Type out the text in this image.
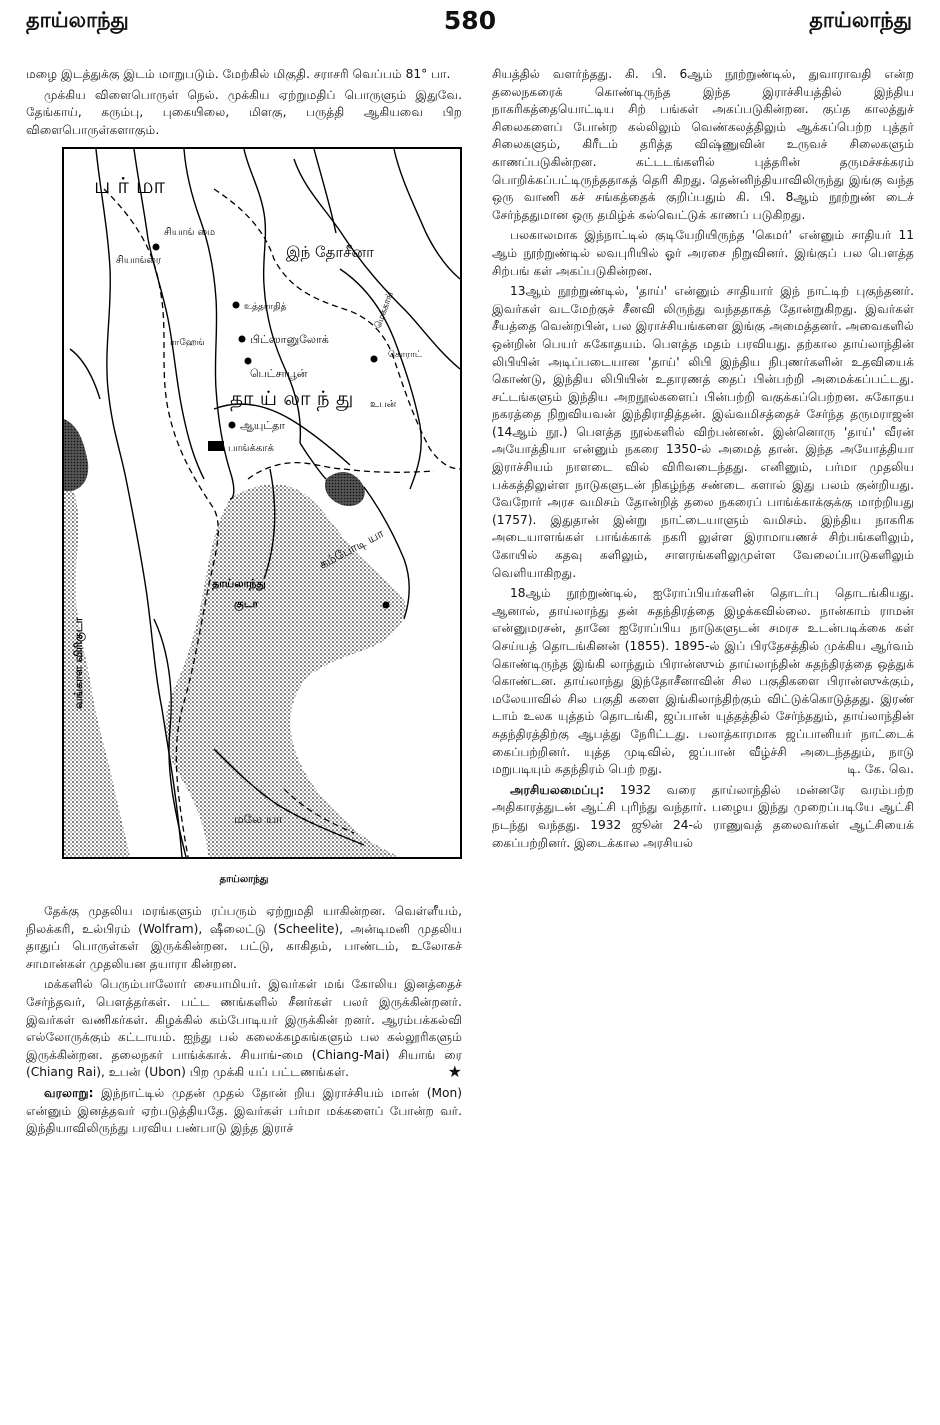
தாய்லாந்து	580	தாய்லாந்து

மழை இடத்துக்கு இடம் மாறுபடும். மேற்கில் மிகுதி. சராசரி வெப்பம் 81° பா.

முக்கிய விளைபொருள் நெல். முக்கிய ஏற்றுமதிப் பொருளும் இதுவே. தேங்காய், கரும்பு, புகையிலை, மிளகு, பருத்தி ஆகியவை பிற விளைபொருள்களாகும்.

ப ர் மா
இந் தோசீனா
சியாங் மை
சியாங்ரை
உத்தராதித்
ராஹேங்	பிட்ஸானுலோக்
பெட்சாபூன்
தா ய் லா ந் து
கொராட்
மெக்காங்
உபன்
ஆயுட்தா
பாங்க்காக்
கம்போடி யா
தாய்லாந்து
குடா
மலே யா
வங்காள விரிகுடா
தாய்லாந்து

தேக்கு முதலிய மரங்களும் ரப்பரும் ஏற்றுமதி யாகின்றன. வெள்ளீயம், நிலக்கரி, உல்பிரம் (Wolfram), ஷீலைட்டு (Scheelite), அன்டிமனி முதலிய தாதுப் பொருள்கள் இருக்கின்றன. பட்டு, காகிதம், பாண்டம், உலோகச் சாமான்கள் முதலியன தயாரா கின்றன.

மக்களில் பெரும்பாலோர் சையாமியர். இவர்கள் மங் கோலிய இனத்தைச் சேர்ந்தவர், பௌத்தர்கள். பட்ட ணங்களில் சீனர்கள் பலர் இருக்கின்றனர். இவர்கள் வணிகர்கள். கிழக்கில் கம்போடியர் இருக்கின் றனர். ஆரம்பக்கல்வி எல்லோருக்கும் கட்டாயம். ஐந்து பல் கலைக்கழகங்களும் பல கல்லூரிகளும் இருக்கின்றன. தலைநகர் பாங்க்காக். சியாங்-மை (Chiang-Mai) சியாங் ரை (Chiang Rai), உபன் (Ubon) பிற முக்கி யப் பட்டணங்கள்.	★

வரலாறு: இந்நாட்டில் முதன் முதல் தோன் றிய இராச்சியம் மான் (Mon) என்னும் இனத்தவர் ஏற்படுத்தியதே. இவர்கள் பர்மா மக்களைப் போன்ற வர். இந்தியாவிலிருந்து பரவிய பண்பாடு இந்த இராச்

சியத்தில் வளர்ந்தது. கி. பி. 6ஆம் நூற்றுண்டில், துவாராவதி என்ற தலைநகரைக் கொண்டிருந்த இந்த இராச்சியத்தில் இந்திய நாகரிகத்தையொட்டிய சிற் பங்கள் அகப்படுகின்றன. குப்த காலத்துச் சிலைகளைப் போன்ற கல்லிலும் வெண்கலத்திலும் ஆக்கப்பெற்ற புத்தர் சிலைகளும், கிரீடம் தரித்த விஷ்ணுவின் உருவச் சிலைகளும் காணப்படுகின்றன. கட்டடங்களில் புத்தரின் தருமச்சக்கரம் பொறிக்கப்பட்டிருந்ததாகத் தெரி கிறது. தென்னிந்தியாவிலிருந்து இங்கு வந்த ஒரு வாணி கச் சங்கத்தைக் குறிப்பதும் கி. பி. 8ஆம் நூற்றுண் டைச் சேர்ந்ததுமான ஒரு தமிழ்க் கல்வெட்டுக் காணப் படுகிறது.

பலகாலமாக இந்நாட்டில் குடியேறியிருந்த 'கெமர்' என்னும் சாதியர் 11 ஆம் நூற்றுண்டில் லவபுரியில் ஓர் அரசை நிறுவினர். இங்குப் பல பௌத்த சிற்பங் கள் அகப்படுகின்றன.

13ஆம் நூற்றுண்டில், 'தாய்' என்னும் சாதியார் இந் நாட்டிற் புகுந்தனர். இவர்கள் வடமேற்குச் சீனவி லிருந்து வந்ததாகத் தோன்றுகிறது. இவர்கள் சீயத்தை வென்றபின், பல இராச்சியங்களை இங்கு அமைத்தனர். அவைகளில் ஒன்றின் பெயர் சுகோதயம். பௌத்த மதம் பரவியது. தற்கால தாய்லாந்தின் லிபியின் அடிப்படையான 'தாய்' லிபி இந்திய நிபுணர்களின் உதவியைக் கொண்டு, இந்திய லிபியின் உதாரணத் தைப் பின்பற்றி அமைக்கப்பட்டது. சட்டங்களும் இந்திய அறநூல்களைப் பின்பற்றி வகுக்கப்பெற்றன. சுகோதய நகரத்தை நிறுவியவன் இந்திராதித்தன். இவ்வமிசத்தைச் சேர்ந்த தருமராஜன் (14ஆம் நூ.) பௌத்த நூல்களில் விற்பன்னன். இன்னொரு 'தாய்' வீரன் அயோத்தியா என்னும் நகரை 1350-ல் அமைத் தான். இந்த அயோத்தியா இராச்சியம் நாளடை வில் விரிவடைந்தது. எனினும், பர்மா முதலிய பக்கத்திலுள்ள நாடுகளுடன் நிகழ்ந்த சண்டை களால் இது பலம் குன்றியது. வேறோர் அரச வமிசம் தோன்றித் தலை நகரைப் பாங்க்காக்குக்கு மாற்றியது (1757). இதுதான் இன்று நாட்டையாளும் வமிசம். இந்திய நாகரிக அடையாளங்கள் பாங்க்காக் நகரி லுள்ள இராமாயணச் சிற்பங்களிலும், கோயில் கதவு களிலும், சாளரங்களிலுமுள்ள வேலைப்பாடுகளிலும் வெளியாகிறது.

18ஆம் நூற்றுண்டில், ஐரோப்பியர்களின் தொடர்பு தொடங்கியது. ஆனால், தாய்லாந்து தன் சுதந்திரத்தை இழக்கவில்லை. நான்காம் ராமன் என்னுமரசன், தானே ஐரோப்பிய நாடுகளுடன் சமரச உடன்படிக்கை கள் செய்யத் தொடங்கினன் (1855). 1895-ல் இப் பிரதேசத்தில் முக்கிய ஆர்வம் கொண்டிருந்த இங்கி லாந்தும் பிரான்ஸும் தாய்லாந்தின் சுதந்திரத்தை ஒத்துக் கொண்டன. தாய்லாந்து இந்தோசீனாவின் சில பகுதிகளை பிரான்ஸுக்கும், மலேயாவில் சில பகுதி களை இங்கிலாந்திற்கும் விட்டுக்கொடுத்தது. இரண் டாம் உலக யுத்தம் தொடங்கி, ஜப்பான் யுத்தத்தில் சேர்ந்ததும், தாய்லாந்தின் சுதந்திரத்திற்கு ஆபத்து நேரிட்டது. பலாத்காரமாக ஜப்பானியர் நாட்டைக் கைப்பற்றினர். யுத்த முடிவில், ஜப்பான் வீழ்ச்சி அடைந்ததும், நாடு மறுபடியும் சுதந்திரம் பெற் றது.	டி. கே. வெ.

அரசியலமைப்பு: 1932 வரை தாய்லாந்தில் மன்னரே வரம்பற்ற அதிகாரத்துடன் ஆட்சி புரிந்து வந்தார். பழைய இந்து முறைப்படியே ஆட்சி நடந்து வந்தது. 1932 ஜூன் 24-ல் ராணுவத் தலைவர்கள் ஆட்சியைக் கைப்பற்றினர். இடைக்கால அரசியல்
